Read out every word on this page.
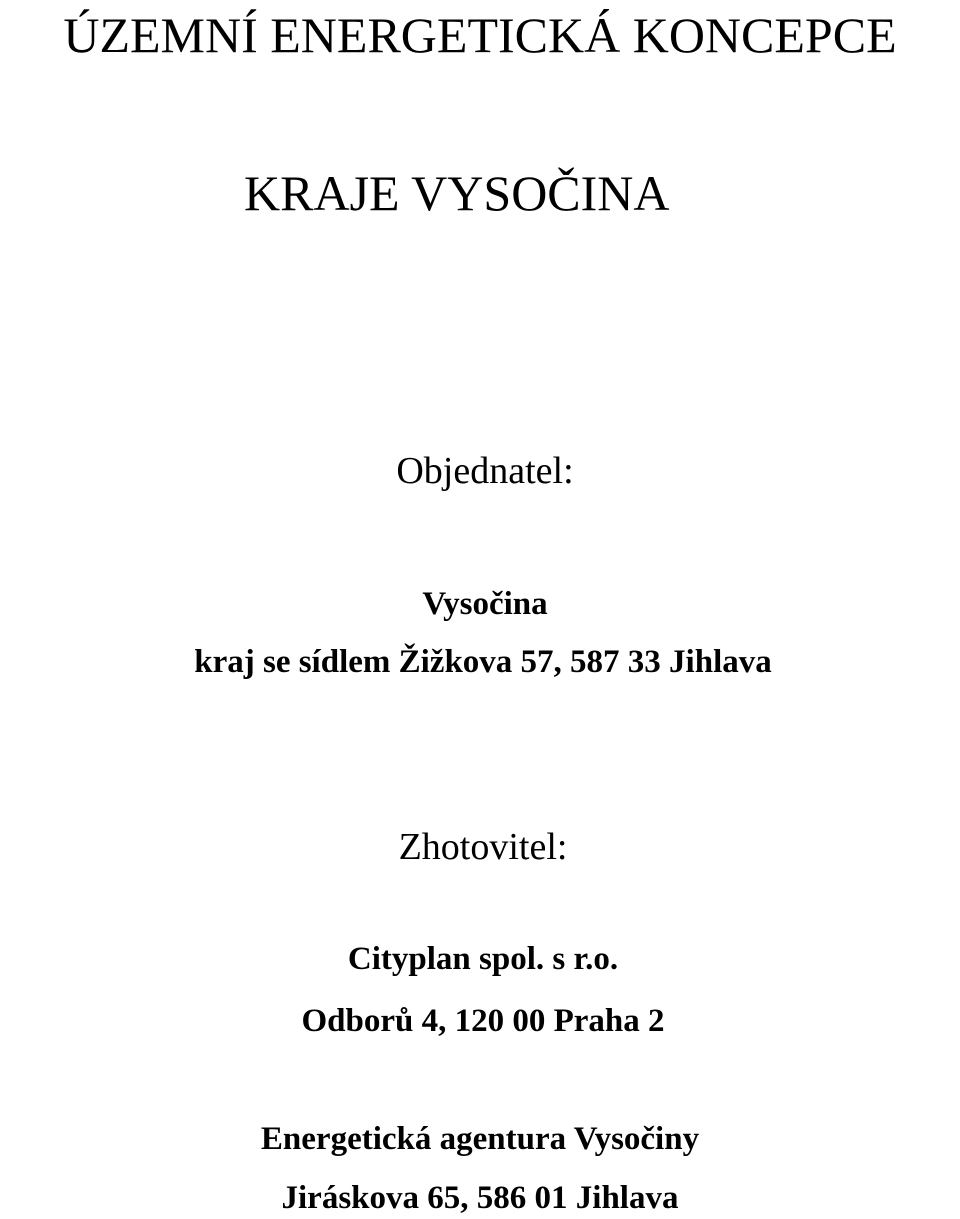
ÚZEMNÍ ENERGETICKÁ KONCEPCE
KRAJE VYSOČINA
Objednatel:
Vysočina
kraj se sídlem Žižkova 57, 587 33 Jihlava
Zhotovitel:
Cityplan spol. s r.o.
Odborů 4, 120 00 Praha 2
Energetická agentura Vysočiny
Jiráskova 65, 586 01 Jihlava
